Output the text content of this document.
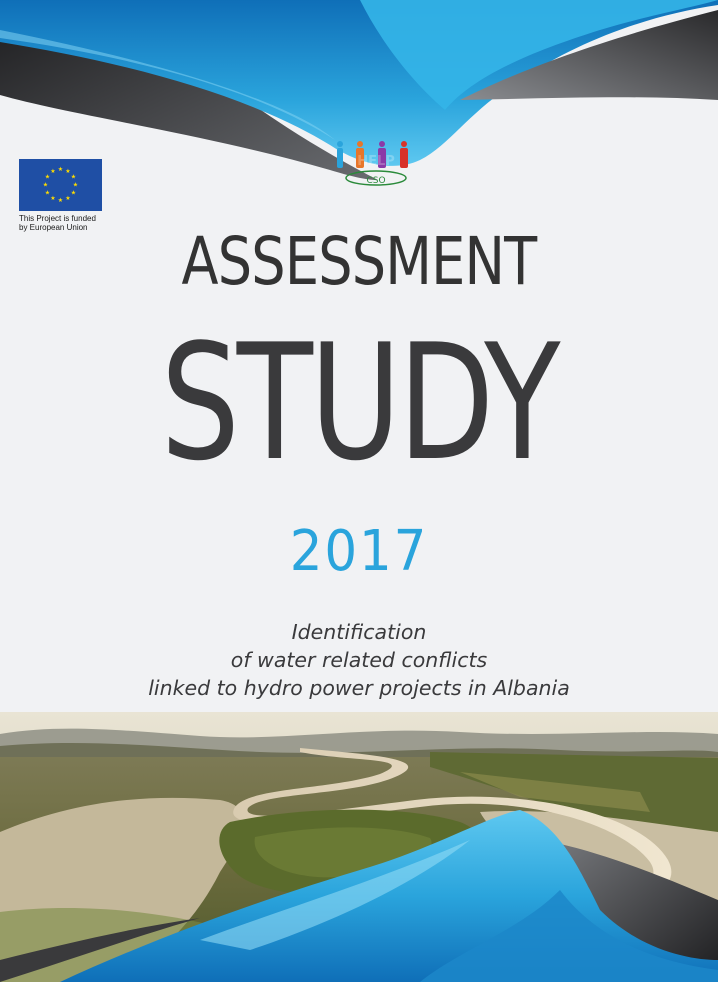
★ ★
★
★
★
★
★
★
★
★
★
★
This Project is funded
by European Union
HELP
CSO
ASSESSMENT
STUDY
2017
Identification
of water related conflicts
linked to hydro power projects in Albania
